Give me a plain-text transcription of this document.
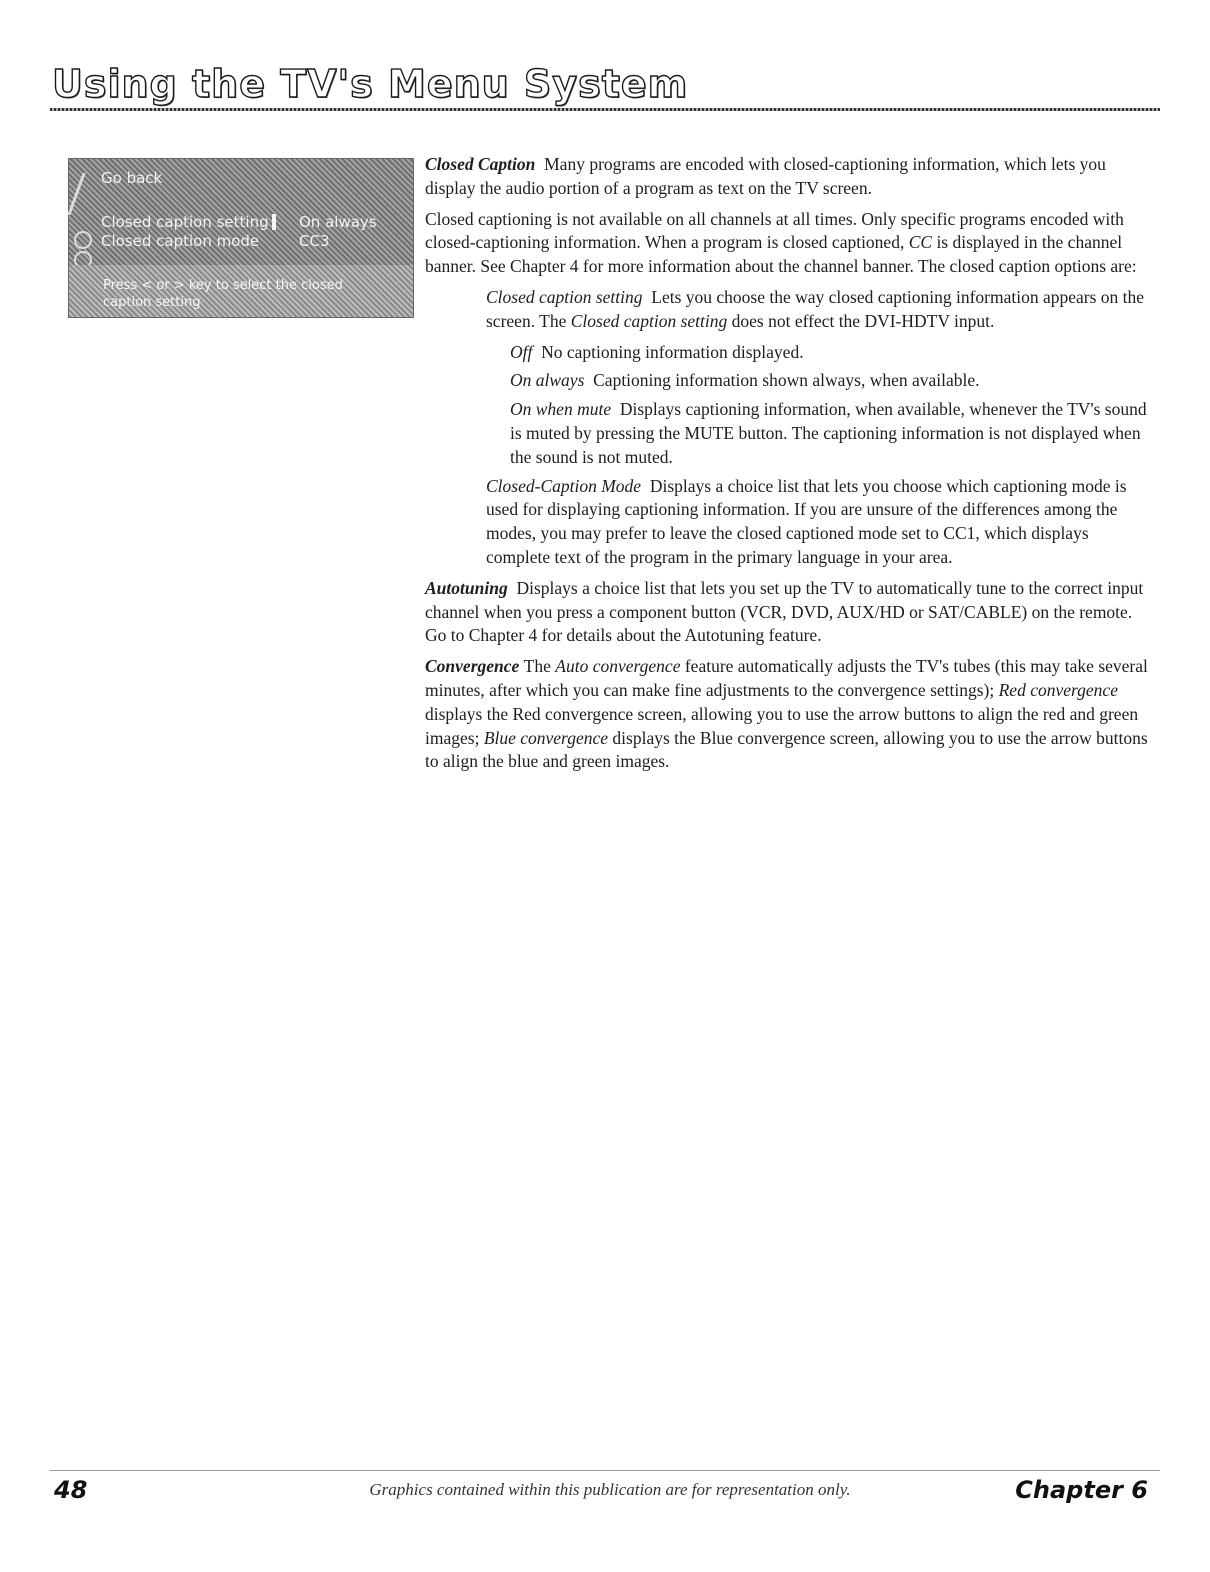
Using the TV's Menu System
Go back
Closed caption setting On always
Closed caption mode	CC3
Press < or > key to select the closed caption setting

Closed Caption Many programs are encoded with closed-captioning information, which lets you display the audio portion of a program as text on the TV screen.

Closed captioning is not available on all channels at all times. Only specific programs encoded with closed-captioning information. When a program is closed captioned, CC is displayed in the channel banner. See Chapter 4 for more information about the channel banner. The closed caption options are:

Closed caption setting Lets you choose the way closed captioning information appears on the screen. The Closed caption setting does not effect the DVI-HDTV input.

Off No captioning information displayed.

On always Captioning information shown always, when available.

On when mute Displays captioning information, when available, whenever the TV's sound is muted by pressing the MUTE button. The captioning information is not displayed when the sound is not muted.

Closed-Caption Mode Displays a choice list that lets you choose which captioning mode is used for displaying captioning information. If you are unsure of the differences among the modes, you may prefer to leave the closed captioned mode set to CC1, which displays complete text of the program in the primary language in your area.

Autotuning Displays a choice list that lets you set up the TV to automatically tune to the correct input channel when you press a component button (VCR, DVD, AUX/HD or SAT/CABLE) on the remote. Go to Chapter 4 for details about the Autotuning feature.

Convergence The Auto convergence feature automatically adjusts the TV's tubes (this may take several minutes, after which you can make fine adjustments to the convergence settings); Red convergence displays the Red convergence screen, allowing you to use the arrow buttons to align the red and green images; Blue convergence displays the Blue convergence screen, allowing you to use the arrow buttons to align the blue and green images.

48	Graphics contained within this publication are for representation only.	Chapter 6
